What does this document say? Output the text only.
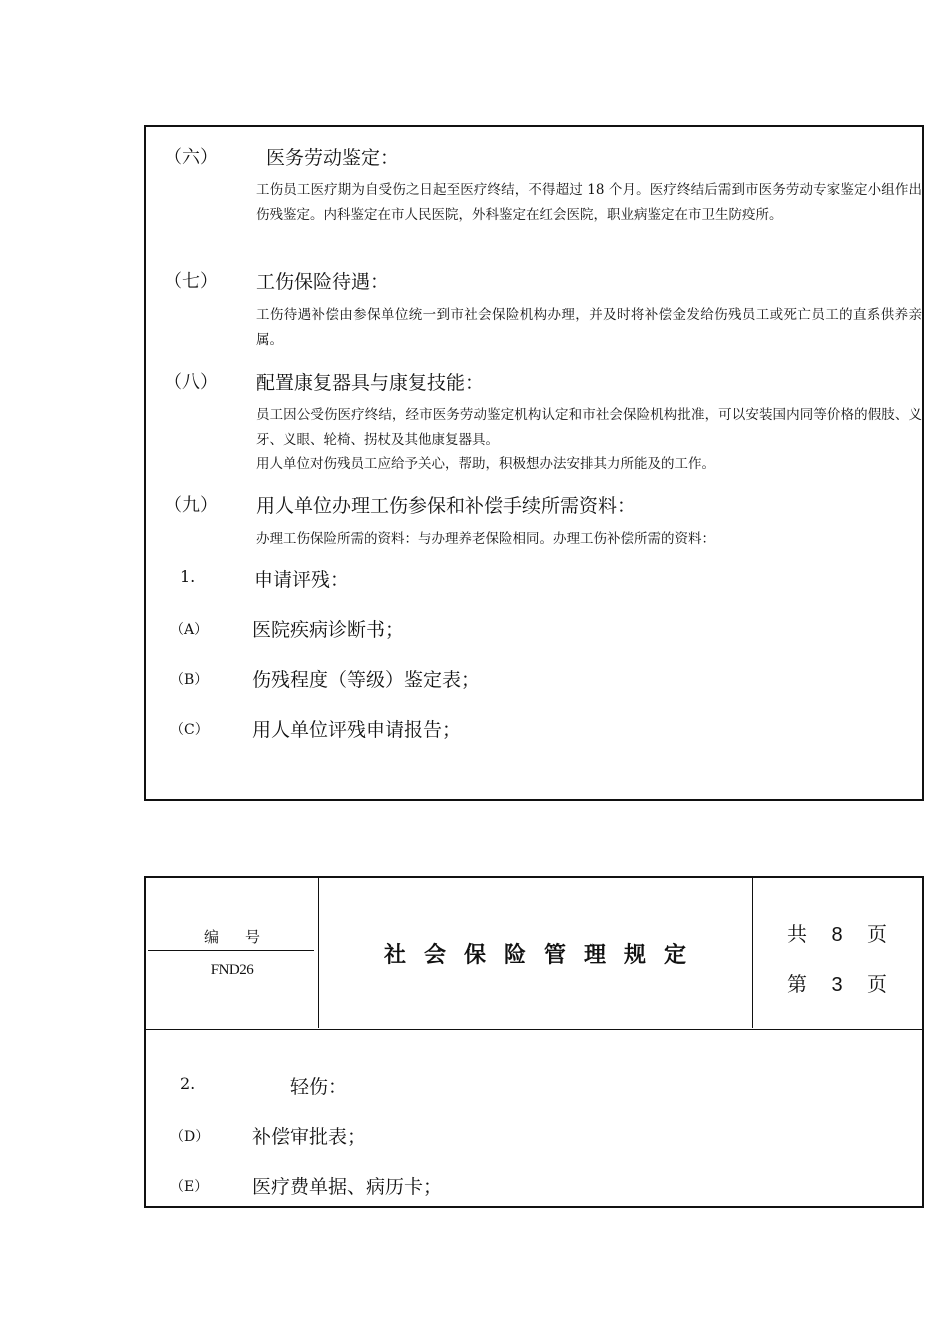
（六）	医务劳动鉴定：

工伤员工医疗期为自受伤之日起至医疗终结，不得超过 18 个月。医疗终结后需到市医务劳动专家鉴定小组作出伤残鉴定。内科鉴定在市人民医院，外科鉴定在红会医院，职业病鉴定在市卫生防疫所。

（七） 工伤保险待遇：

工伤待遇补偿由参保单位统一到市社会保险机构办理，并及时将补偿金发给伤残员工或死亡员工的直系供养亲属。

（八） 配置康复器具与康复技能：

员工因公受伤医疗终结，经市医务劳动鉴定机构认定和市社会保险机构批准，可以安装国内同等价格的假肢、义牙、义眼、轮椅、拐杖及其他康复器具。

用人单位对伤残员工应给予关心，帮助，积极想办法安排其力所能及的工作。

（九） 用人单位办理工伤参保和补偿手续所需资料：

办理工伤保险所需的资料：与办理养老保险相同。办理工伤补偿所需的资料：

1.	申请评残：
（A） 医院疾病诊断书；
（B） 伤残程度（等级）鉴定表；
（C） 用人单位评残申请报告；
编号
FND26
社会保险管理规定
共 8 页
第 3 页
2.	轻伤：
（D） 补偿审批表；
（E） 医疗费单据、病历卡；
